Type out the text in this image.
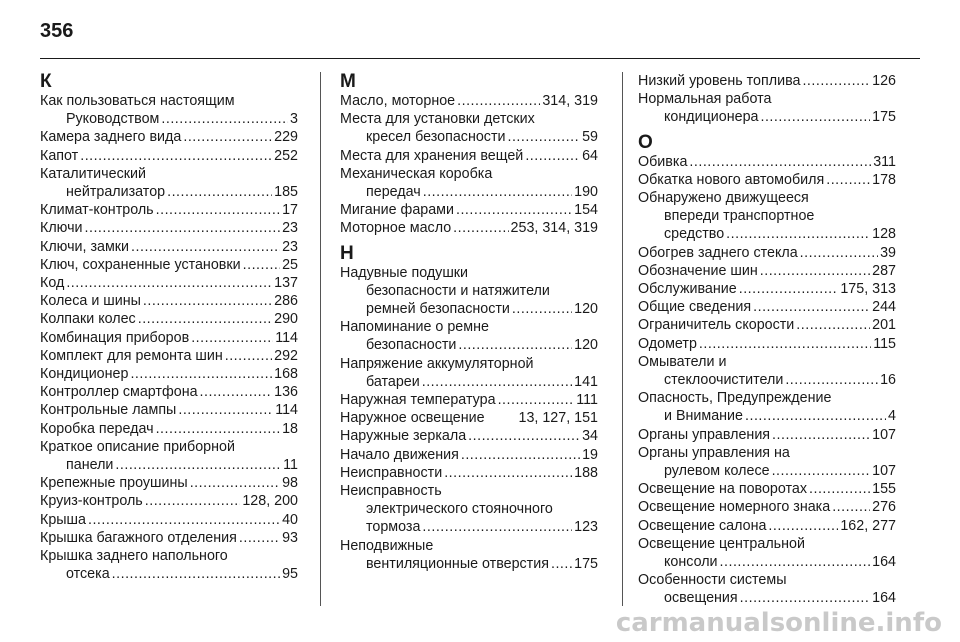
356
К
Как пользоваться настоящим
Руководством .....	3
Камера заднего вида .....	229
Капот .....	252
Каталитический
нейтрализатор .....	185
Климат-контроль .....	17
Ключи .....	23
Ключи, замки .....	23
Ключ, сохраненные установки .....	25
Код .....	137
Колеса и шины .....	286
Колпаки колес .....	290
Комбинация приборов .....	114
Комплект для ремонта шин .....	292
Кондиционер .....	168
Контроллер смартфона .....	136
Контрольные лампы .....	114
Коробка передач .....	18
Краткое описание приборной
панели .....	11
Крепежные проушины .....	98
Круиз-контроль .....	128, 200
Крыша .....	40
Крышка багажного отделения .....	93
Крышка заднего напольного
отсека .....	95
М
Масло, моторное .....	314, 319
Места для установки детских
кресел безопасности .....	59
Места для хранения вещей .....	64
Механическая коробка
передач .....	190
Мигание фарами .....	154
Моторное масло .....	253, 314, 319
Н
Надувные подушки
безопасности и натяжители
ремней безопасности .....	120
Напоминание о ремне
безопасности .....	120
Напряжение аккумуляторной
батареи .....	141
Наружная температура .....	111
Наружное освещение 13, 127, 151
Наружные зеркала .....	34
Начало движения .....	19
Неисправности .....	188
Неисправность
электрического стояночного
тормоза .....	123
Неподвижные
вентиляционные отверстия ..... 175
Низкий уровень топлива .....	126
Нормальная работа
кондиционера .....	175
О
Обивка .....	311
Обкатка нового автомобиля .....	178
Обнаружено движущееся
впереди транспортное
средство .....	128
Обогрев заднего стекла .....	39
Обозначение шин .....	287
Обслуживание .....	175, 313
Общие сведения .....	244
Ограничитель скорости .....	201
Одометр .....	115
Омыватели и
стеклоочистители .....	16
Опасность, Предупреждение
и Внимание .....	4
Органы управления .....	107
Органы управления на
рулевом колесе .....	107
Освещение на поворотах .....	155
Освещение номерного знака .....	276
Освещение салона .....	162, 277
Освещение центральной
консоли .....	164
Особенности системы
освещения .....	164
carmanualsonline.info
